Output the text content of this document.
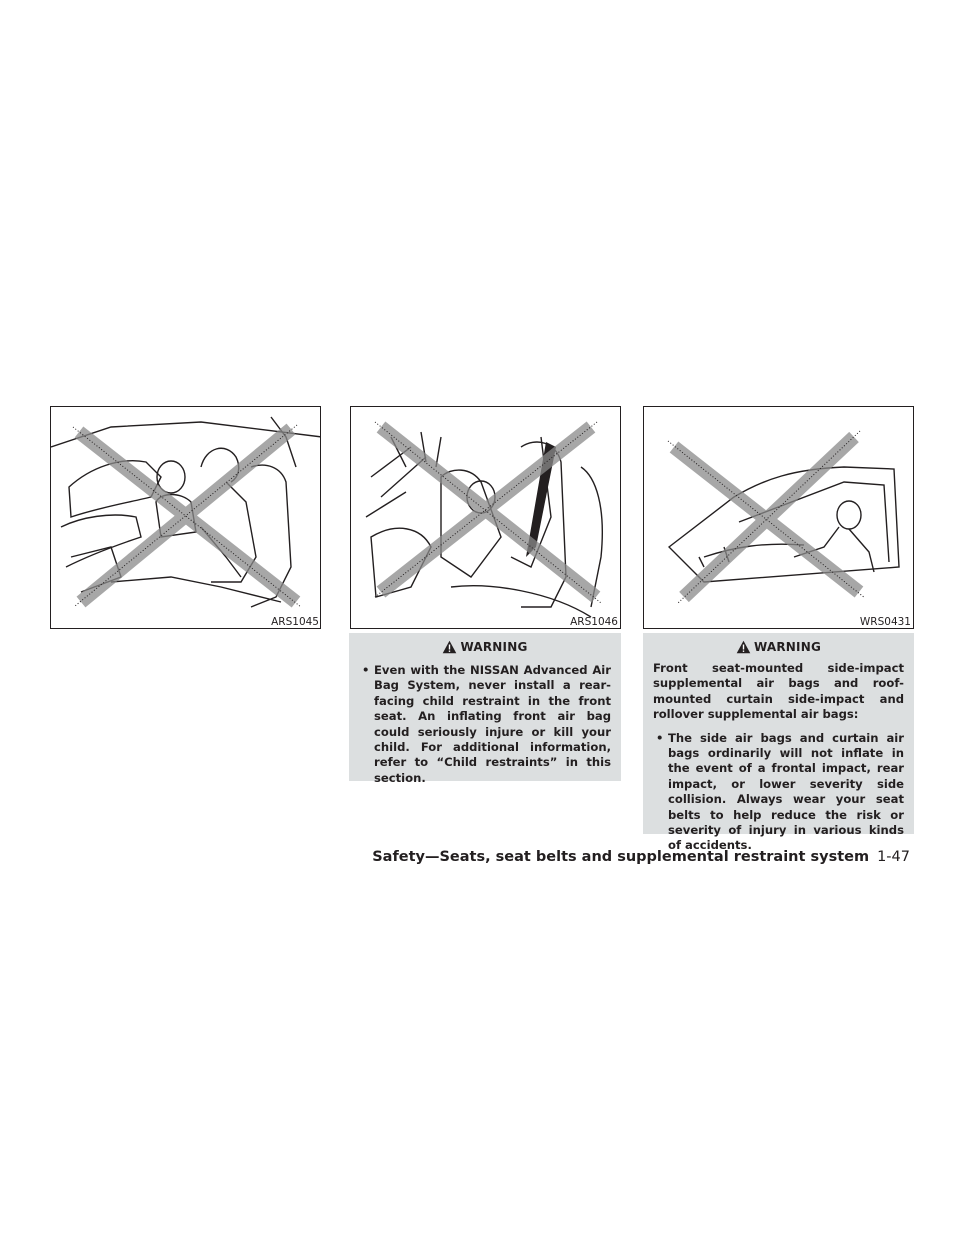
ARS1045	ARS1046	WRS0431
WARNING
• Even with the NISSAN Advanced Air Bag System, never install a rear-facing child restraint in the front seat. An inflating front air bag could seriously injure or kill your child. For additional information, refer to “Child restraints” in this section.
WARNING
Front seat-mounted side-impact supplemental air bags and roof-mounted curtain side-impact and rollover supplemental air bags:
• The side air bags and curtain air bags ordinarily will not inflate in the event of a frontal impact, rear impact, or lower severity side collision. Always wear your seat belts to help reduce the risk or severity of injury in various kinds of accidents.
Safety—Seats, seat belts and supplemental restraint system 1-47
